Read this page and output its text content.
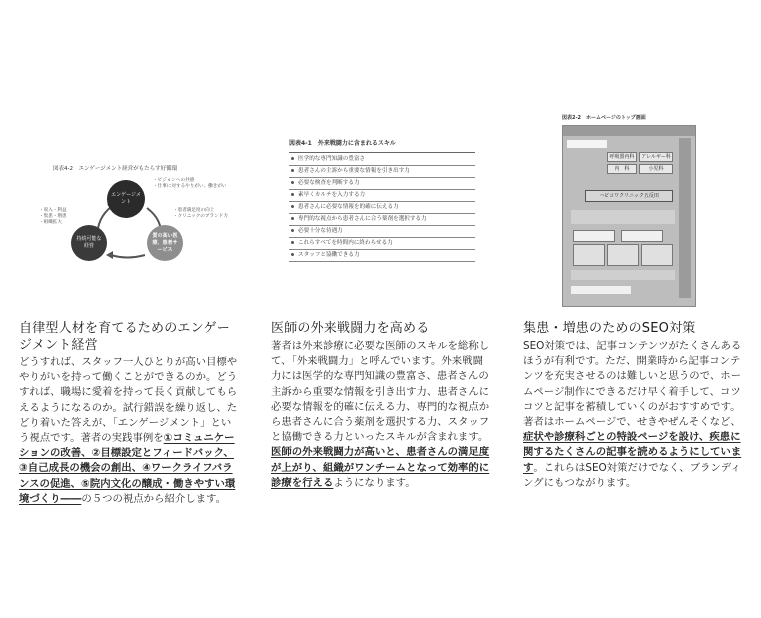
図表4-2　エンゲージメント経営がもたらす好循環
エンゲージメント
持続可能な経営
質の高い医療、患者サービス
・ビジョンへの共感
・仕事に対するやりがい、働きがい
・患者満足度の向上
・クリニックのブランド力
・収入・利益
・集患・増患
・組織拡大
図表4-1　外来戦闘力に含まれるスキル
医学的な専門知識の豊富さ
患者さんの主訴から重要な情報を引き出す力
必要な検査を判断する力
素早くカルテを入力する力
患者さんに必要な情報を的確に伝える力
専門的な視点から患者さんに合う薬剤を選択する力
必要十分な待遇力
これらすべてを時間内に終わらせる力
スタッフと協働できる力
図表2-2　ホームページのトップ画面
呼吸器内科	アレルギー科
内　科	小児科
ハピコワクリニック五反田
自律型人材を育てるためのエンゲージメント経営
どうすれば、スタッフ一人ひとりが高い目標ややりがいを持って働くことができるのか。どうすれば、職場に愛着を持って長く貢献してもらえるようになるのか。試行錯誤を繰り返し、たどり着いた答えが、「エンゲージメント」という視点です。著者の実践事例を①コミュニケーションの改善、②目標設定とフィードバック、③自己成長の機会の創出、④ワークライフバランスの促進、⑤院内文化の醸成・働きやすい環境づくり――の５つの視点から紹介します。
医師の外来戦闘力を高める
著者は外来診療に必要な医師のスキルを総称して、「外来戦闘力」と呼んでいます。外来戦闘力には医学的な専門知識の豊富さ、患者さんの主訴から重要な情報を引き出す力、患者さんに必要な情報を的確に伝える力、専門的な視点から患者さんに合う薬剤を選択する力、スタッフと協働できる力といったスキルが含まれます。医師の外来戦闘力が高いと、患者さんの満足度が上がり、組織がワンチームとなって効率的に診療を行えるようになります。
集患・増患のためのSEO対策
SEO対策では、記事コンテンツがたくさんあるほうが有利です。ただ、開業時から記事コンテンツを充実させるのは難しいと思うので、ホームページ制作にできるだけ早く着手して、コツコツと記事を蓄積していくのがおすすめです。著者はホームページで、せきやぜんそくなど、症状や診療科ごとの特設ページを設け、疾患に関するたくさんの記事を読めるようにしています。これらはSEO対策だけでなく、ブランディングにもつながります。
